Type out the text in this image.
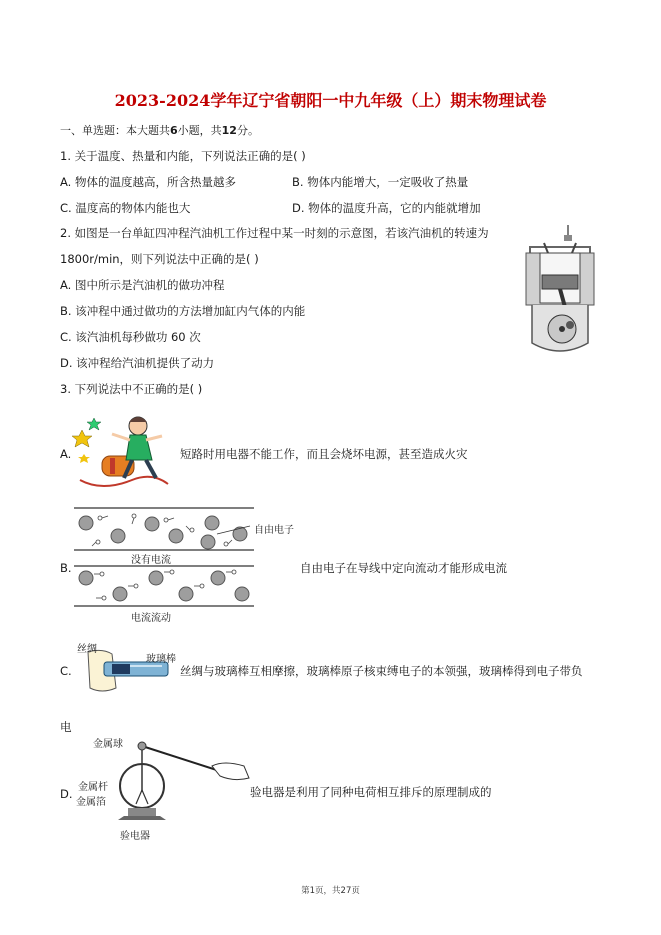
2023-2024学年辽宁省朝阳一中九年级（上）期末物理试卷
一、单选题：本大题共6小题，共12分。
1. 关于温度、热量和内能，下列说法正确的是( )
A. 物体的温度越高，所含热量越多	B. 物体内能增大，一定吸收了热量
C. 温度高的物体内能也大	D. 物体的温度升高，它的内能就增加
2. 如图是一台单缸四冲程汽油机工作过程中某一时刻的示意图，若该汽油机的转速为
1800r/min，则下列说法中正确的是( )
A. 图中所示是汽油机的做功冲程
B. 该冲程中通过做功的方法增加缸内气体的内能
C. 该汽油机每秒做功 60 次
D. 该冲程给汽油机提供了动力
3. 下列说法中不正确的是( )
A.	短路时用电器不能工作，而且会烧坏电源，甚至造成火灾
B.
自由电子
没有电流
电流流动
自由电子在导线中定向流动才能形成电流
C.
丝绸
玻璃棒
丝绸与玻璃棒互相摩擦，玻璃棒原子核束缚电子的本领强，玻璃棒得到电子带负
电
D.
金属球
金属杆
金属箔
验电器
验电器是利用了同种电荷相互排斥的原理制成的
第1页，共27页
